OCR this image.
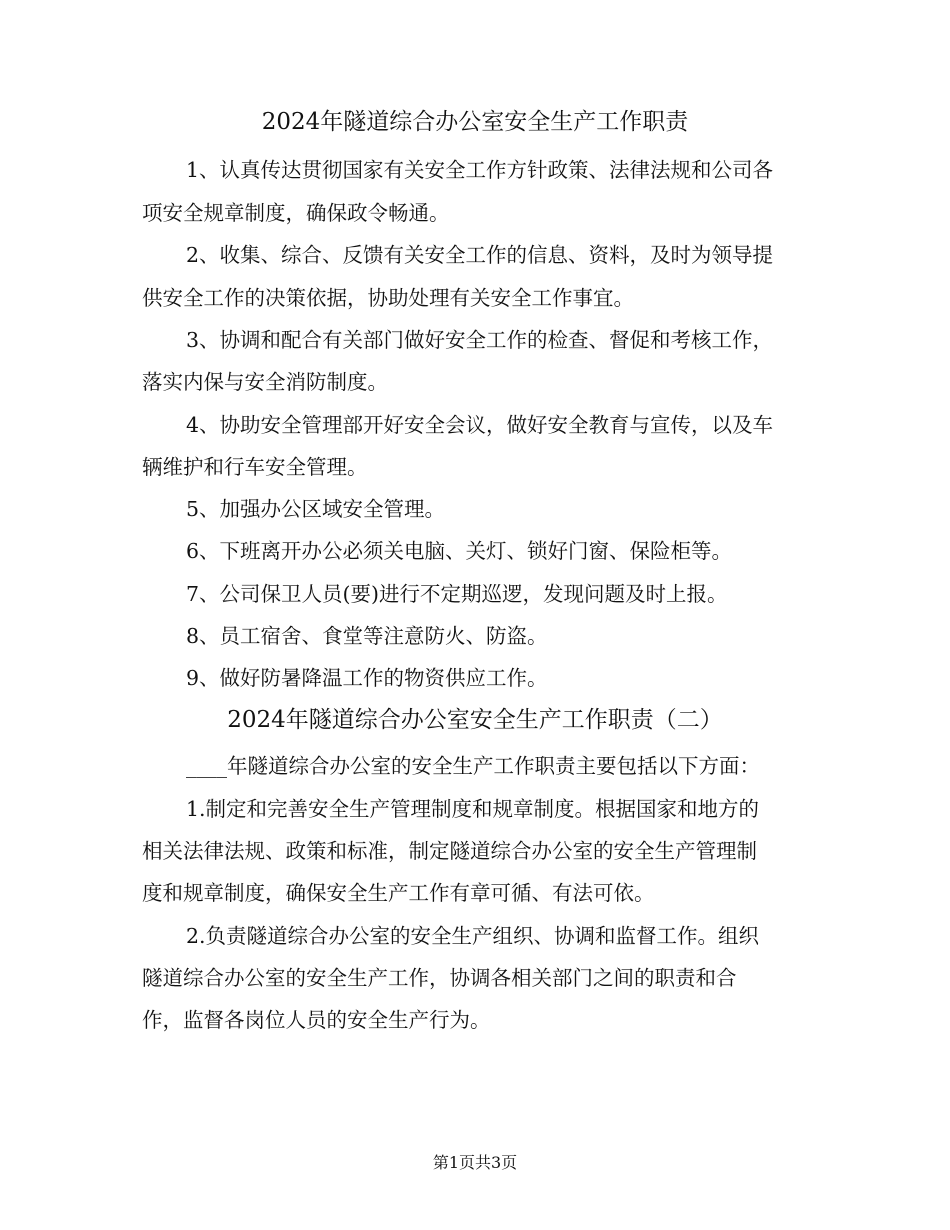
2024年隧道综合办公室安全生产工作职责
1、认真传达贯彻国家有关安全工作方针政策、法律法规和公司各
项安全规章制度，确保政令畅通。
2、收集、综合、反馈有关安全工作的信息、资料，及时为领导提
供安全工作的决策依据，协助处理有关安全工作事宜。
3、协调和配合有关部门做好安全工作的检查、督促和考核工作，
落实内保与安全消防制度。
4、协助安全管理部开好安全会议，做好安全教育与宣传，以及车
辆维护和行车安全管理。
5、加强办公区域安全管理。
6、下班离开办公必须关电脑、关灯、锁好门窗、保险柜等。
7、公司保卫人员(要)进行不定期巡逻，发现问题及时上报。
8、员工宿舍、食堂等注意防火、防盗。
9、做好防暑降温工作的物资供应工作。
2024年隧道综合办公室安全生产工作职责（二）
____年隧道综合办公室的安全生产工作职责主要包括以下方面：
1.制定和完善安全生产管理制度和规章制度。根据国家和地方的
相关法律法规、政策和标准，制定隧道综合办公室的安全生产管理制
度和规章制度，确保安全生产工作有章可循、有法可依。
2.负责隧道综合办公室的安全生产组织、协调和监督工作。组织
隧道综合办公室的安全生产工作，协调各相关部门之间的职责和合
作，监督各岗位人员的安全生产行为。
第1页共3页
